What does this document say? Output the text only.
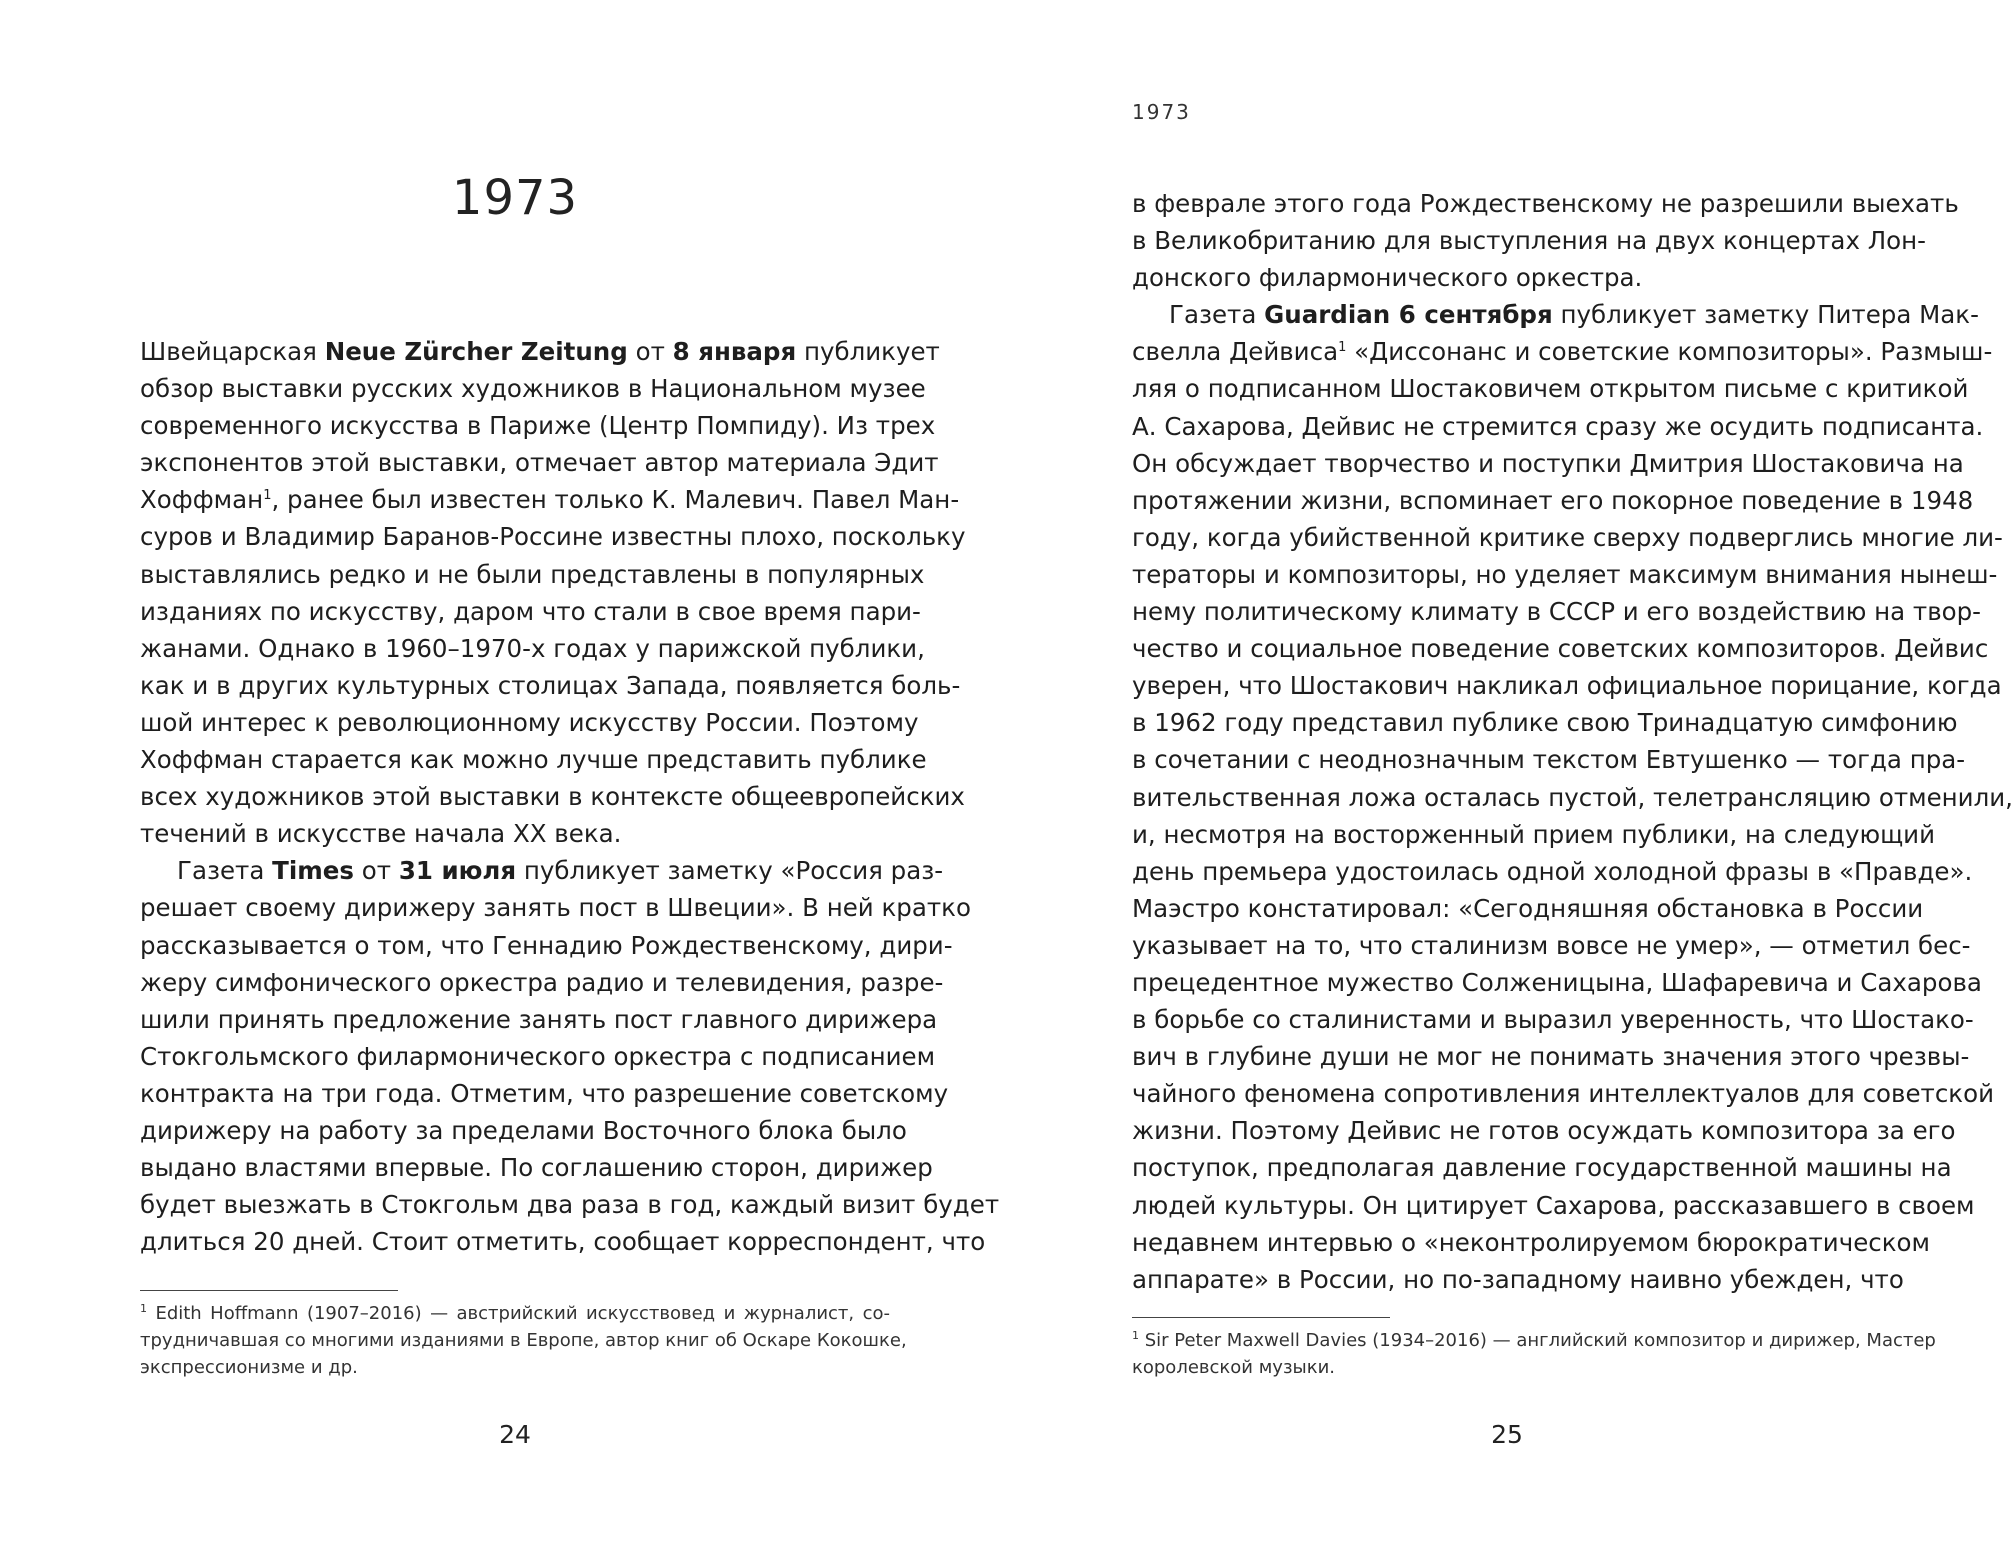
1973
Швейцарская Neue Zürcher Zeitung от 8 января публикует
обзор выставки русских художников в Национальном музее
современного искусства в Париже (Центр Помпиду). Из трех
экспонентов этой выставки, отмечает автор материала Эдит
Хоффман$^1$, ранее был известен только К. Малевич. Павел Ман-
суров и Владимир Баранов-Россине известны плохо, поскольку
выставлялись редко и не были представлены в популярных
изданиях по искусству, даром что стали в свое время пари-
жанами. Однако в 1960–1970-х годах у парижской публики,
как и в других культурных столицах Запада, появляется боль-
шой интерес к революционному искусству России. Поэтому
Хоффман старается как можно лучше представить публике
всех художников этой выставки в контексте общеевропейских
течений в искусстве начала XX века.
Газета Times от 31 июля публикует заметку «Россия раз-
решает своему дирижеру занять пост в Швеции». В ней кратко
рассказывается о том, что Геннадию Рождественскому, дири-
жеру симфонического оркестра радио и телевидения, разре-
шили принять предложение занять пост главного дирижера
Стокгольмского филармонического оркестра с подписанием
контракта на три года. Отметим, что разрешение советскому
дирижеру на работу за пределами Восточного блока было
выдано властями впервые. По соглашению сторон, дирижер
будет выезжать в Стокгольм два раза в год, каждый визит будет
длиться 20 дней. Стоит отметить, сообщает корреспондент, что
$^1$ Edith Hoffmann (1907–2016) — австрийский искусствовед и журналист, со-
трудничавшая со многими изданиями в Европе, автор книг об Оскаре Кокошке,
экспрессионизме и др.
24
1973
в феврале этого года Рождественскому не разрешили выехать
в Великобританию для выступления на двух концертах Лон-
донского филармонического оркестра.
Газета Guardian 6 сентября публикует заметку Питера Мак-
свелла Дейвиса$^1$ «Диссонанс и советские композиторы». Размыш-
ляя о подписанном Шостаковичем открытом письме с критикой
А. Сахарова, Дейвис не стремится сразу же осудить подписанта.
Он обсуждает творчество и поступки Дмитрия Шостаковича на
протяжении жизни, вспоминает его покорное поведение в 1948
году, когда убийственной критике сверху подверглись многие ли-
тераторы и композиторы, но уделяет максимум внимания нынеш-
нему политическому климату в СССР и его воздействию на твор-
чество и социальное поведение советских композиторов. Дейвис
уверен, что Шостакович накликал официальное порицание, когда
в 1962 году представил публике свою Тринадцатую симфонию
в сочетании с неоднозначным текстом Евтушенко — тогда пра-
вительственная ложа осталась пустой, телетрансляцию отменили,
и, несмотря на восторженный прием публики, на следующий
день премьера удостоилась одной холодной фразы в «Правде».
Маэстро констатировал: «Сегодняшняя обстановка в России
указывает на то, что сталинизм вовсе не умер», — отметил бес-
прецедентное мужество Солженицына, Шафаревича и Сахарова
в борьбе со сталинистами и выразил уверенность, что Шостако-
вич в глубине души не мог не понимать значения этого чрезвы-
чайного феномена сопротивления интеллектуалов для советской
жизни. Поэтому Дейвис не готов осуждать композитора за его
поступок, предполагая давление государственной машины на
людей культуры. Он цитирует Сахарова, рассказавшего в своем
недавнем интервью о «неконтролируемом бюрократическом
аппарате» в России, но по-западному наивно убежден, что
$^1$ Sir Peter Maxwell Davies (1934–2016) — английский композитор и дирижер, Мастер
королевской музыки.
25
